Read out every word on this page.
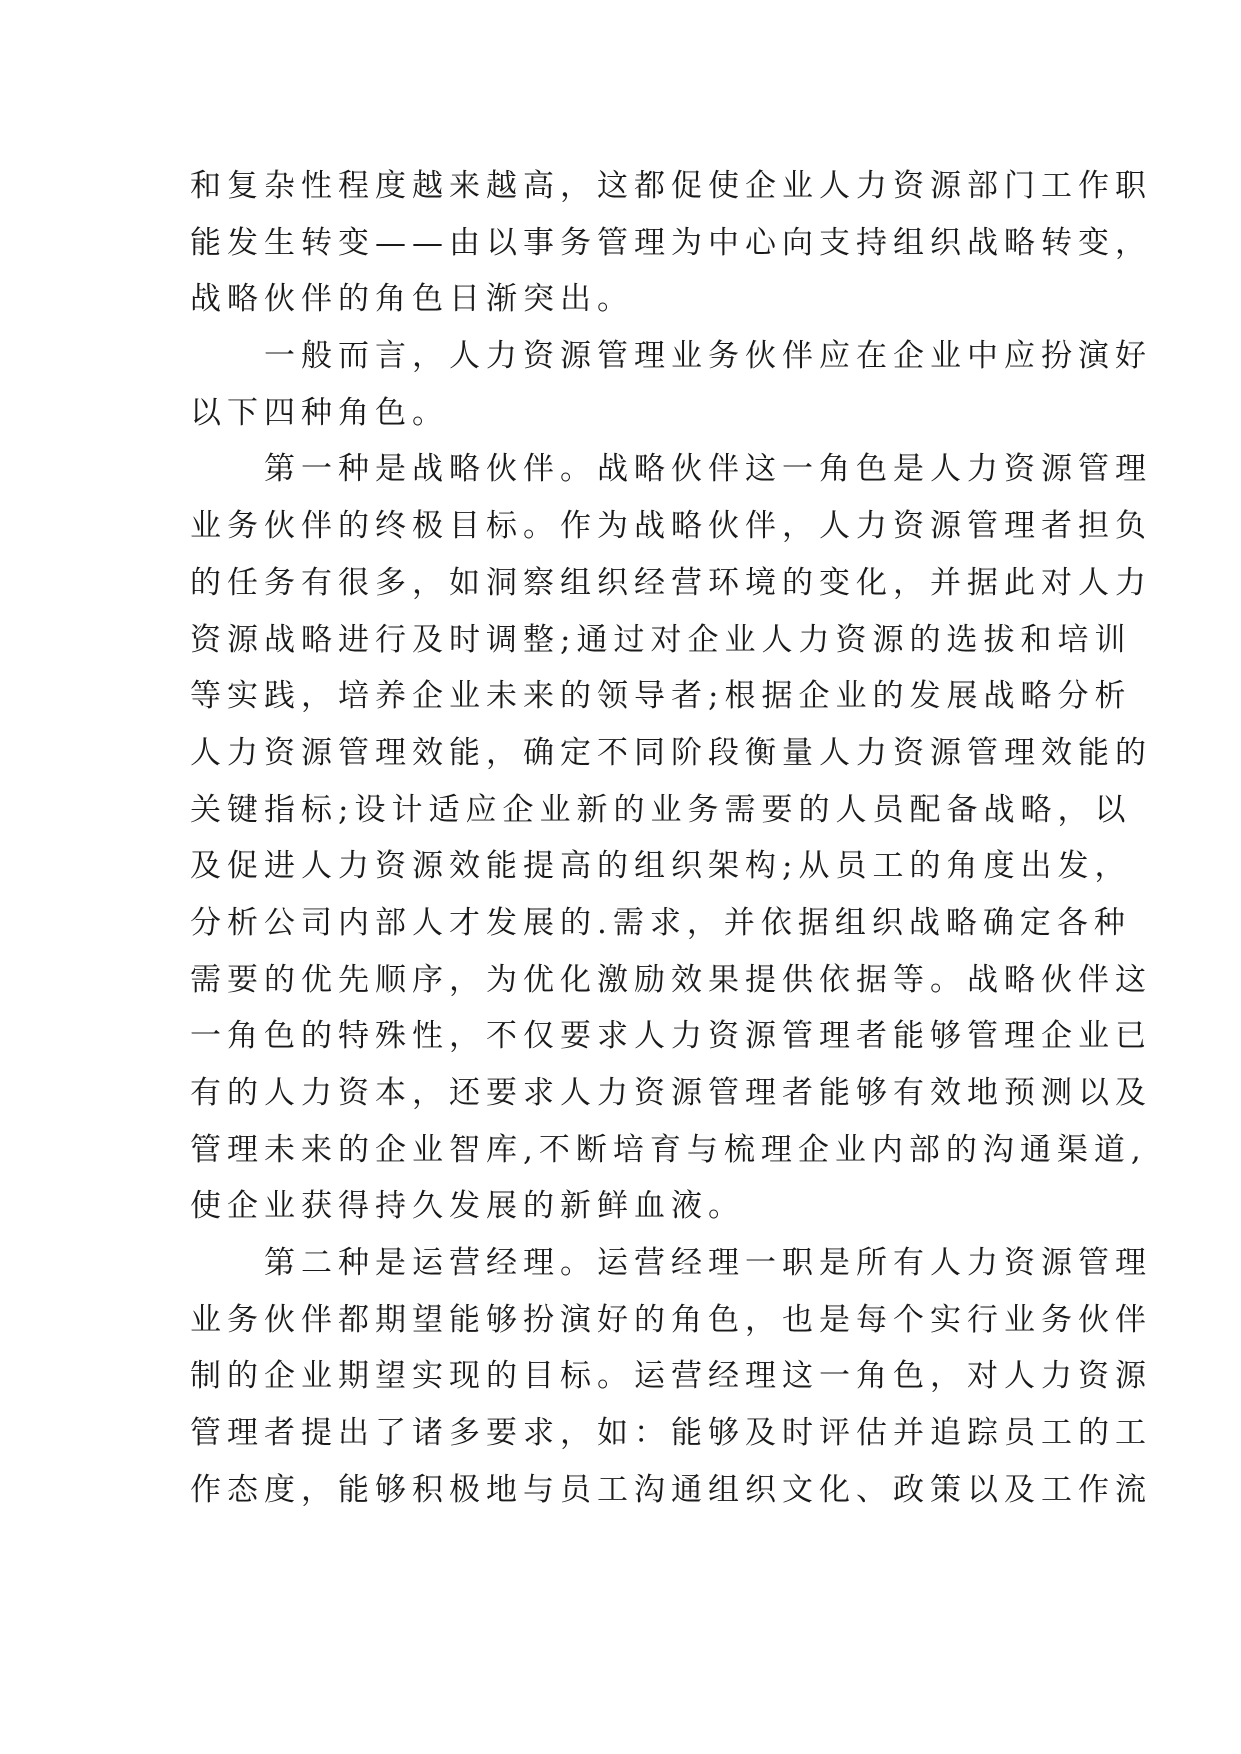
和复杂性程度越来越高，这都促使企业人力资源部门工作职
能发生转变——由以事务管理为中心向支持组织战略转变，
战略伙伴的角色日渐突出。
一般而言，人力资源管理业务伙伴应在企业中应扮演好
以下四种角色。
第一种是战略伙伴。战略伙伴这一角色是人力资源管理
业务伙伴的终极目标。作为战略伙伴，人力资源管理者担负
的任务有很多，如洞察组织经营环境的变化，并据此对人力
资源战略进行及时调整;通过对企业人力资源的选拔和培训
等实践，培养企业未来的领导者;根据企业的发展战略分析
人力资源管理效能，确定不同阶段衡量人力资源管理效能的
关键指标;设计适应企业新的业务需要的人员配备战略，以
及促进人力资源效能提高的组织架构;从员工的角度出发，
分析公司内部人才发展的.需求，并依据组织战略确定各种
需要的优先顺序，为优化激励效果提供依据等。战略伙伴这
一角色的特殊性，不仅要求人力资源管理者能够管理企业已
有的人力资本，还要求人力资源管理者能够有效地预测以及
管理未来的企业智库,不断培育与梳理企业内部的沟通渠道,
使企业获得持久发展的新鲜血液。
第二种是运营经理。运营经理一职是所有人力资源管理
业务伙伴都期望能够扮演好的角色，也是每个实行业务伙伴
制的企业期望实现的目标。运营经理这一角色，对人力资源
管理者提出了诸多要求，如：能够及时评估并追踪员工的工
作态度，能够积极地与员工沟通组织文化、政策以及工作流
